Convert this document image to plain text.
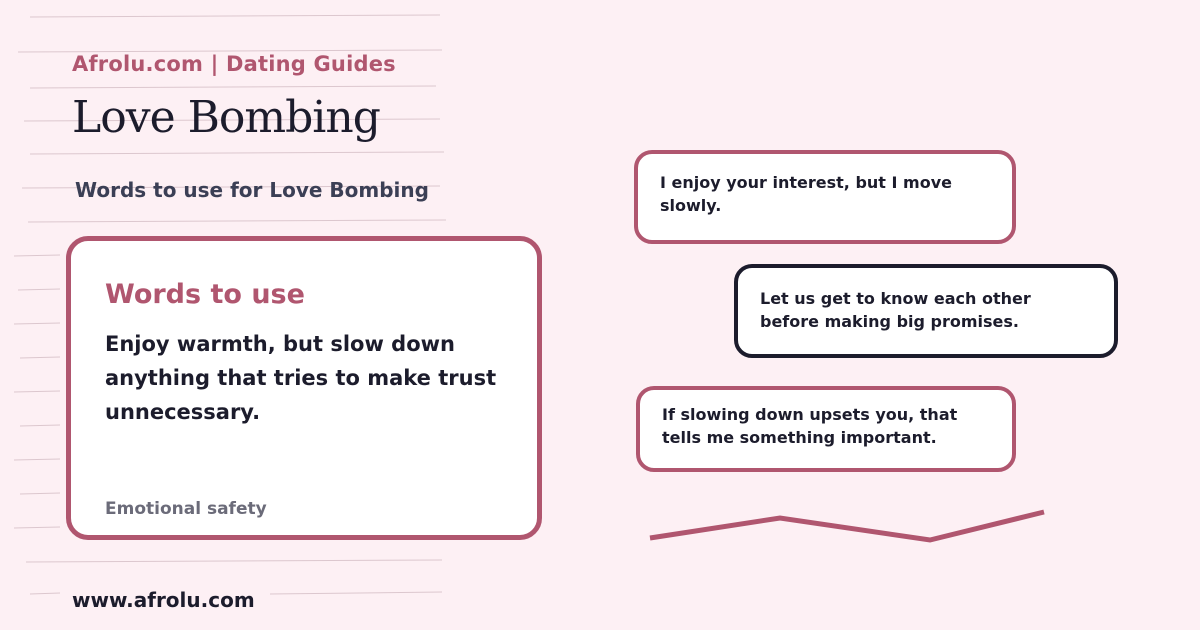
Afrolu.com | Dating Guides
Love Bombing
Words to use for Love Bombing
Words to use
Enjoy warmth, but slow down anything that tries to make trust unnecessary.
Emotional safety
I enjoy your interest, but I move slowly.
Let us get to know each other before making big promises.
If slowing down upsets you, that tells me something important.
www.afrolu.com
